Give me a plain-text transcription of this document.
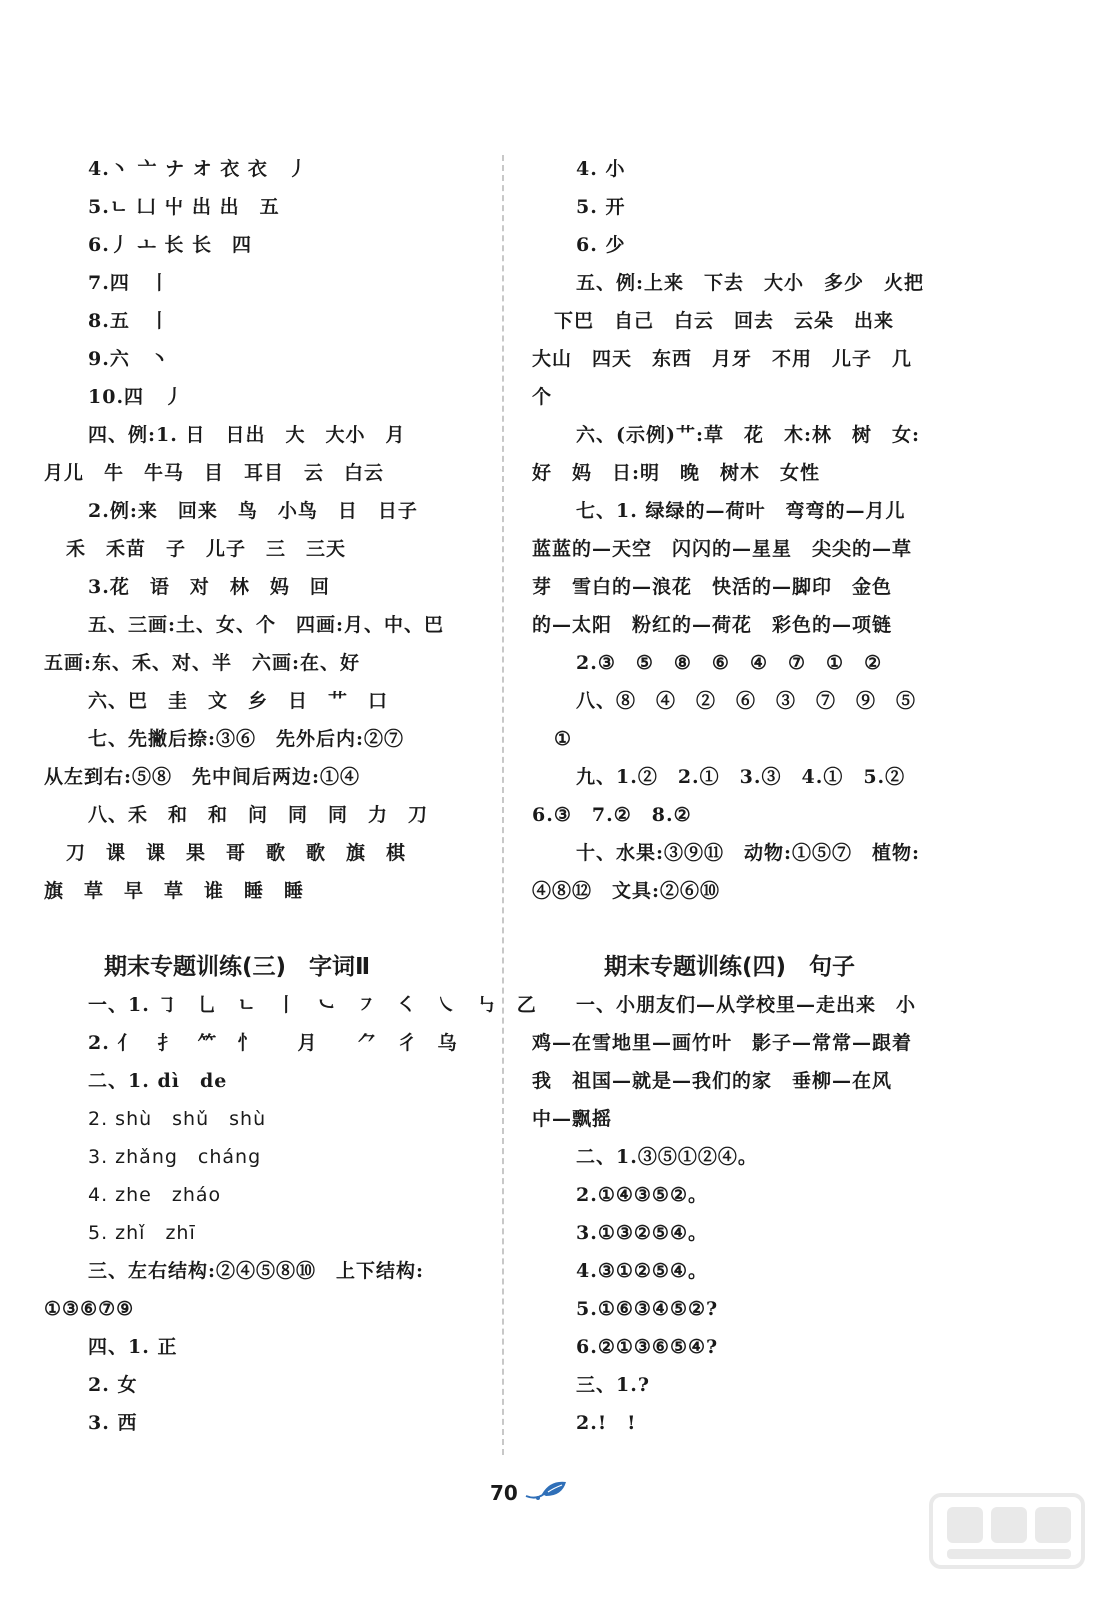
4.丶 亠 ナ オ 衣 衣　丿
5.ㄴ 凵 屮 出 出　五
6.丿 ㅗ 长 长　四
7.四　丨
8.五　丨
9.六　丶
10.四　丿
四、例:1. 日　日出　大　大小　月
月儿　牛　牛马　目　耳目　云　白云
2.例:来　回来　鸟　小鸟　日　日子
禾　禾苗　子　儿子　三　三天
3.花　语　对　林　妈　回
五、三画:土、女、个　四画:月、中、巴
五画:东、禾、对、半　六画:在、好
六、巴　圭　文　乡　日　艹　口
七、先撇后捺:③⑥　先外后内:②⑦
从左到右:⑤⑧　先中间后两边:①④
八、禾　和　和　问　同　同　力　刀
刀　课　课　果　哥　歌　歌　旗　棋
旗　草　早　草　谁　睡　睡
期末专题训练(三)　字词Ⅱ
一、1. ㇆　乚　ㄴ　丨　㇃　㇇　㇛　㇏　㇉　乙
2. 亻　扌　⺮　忄　　月　　⺈　彳　乌
二、1. dì　de
2. shù　shǔ　shù
3. zhǎng　cháng
4. zhe　zháo
5. zhǐ　zhī
三、左右结构:②④⑤⑧⑩　上下结构:
①③⑥⑦⑨
四、1. 正
2. 女
3. 西
4. 小
5. 开
6. 少
五、例:上来　下去　大小　多少　火把
下巴　自己　白云　回去　云朵　出来
大山　四天　东西　月牙　不用　儿子　几
个
六、(示例)艹:草　花　木:林　树　女:
好　妈　日:明　晚　树木　女性
七、1. 绿绿的—荷叶　弯弯的—月儿
蓝蓝的—天空　闪闪的—星星　尖尖的—草
芽　雪白的—浪花　快活的—脚印　金色
的—太阳　粉红的—荷花　彩色的—项链
2.③　⑤　⑧　⑥　④　⑦　①　②
八、⑧　④　②　⑥　③　⑦　⑨　⑤
①
九、1.②　2.①　3.③　4.①　5.②
6.③　7.②　8.②
十、水果:③⑨⑪　动物:①⑤⑦　植物:
④⑧⑫　文具:②⑥⑩
期末专题训练(四)　句子
一、小朋友们—从学校里—走出来　小
鸡—在雪地里—画竹叶　影子—常常—跟着
我　祖国—就是—我们的家　垂柳—在风
中—飘摇
二、1.③⑤①②④。
2.①④③⑤②。
3.①③②⑤④。
4.③①②⑤④。
5.①⑥③④⑤②?
6.②①③⑥⑤④?
三、1.?
2.!　!
70
